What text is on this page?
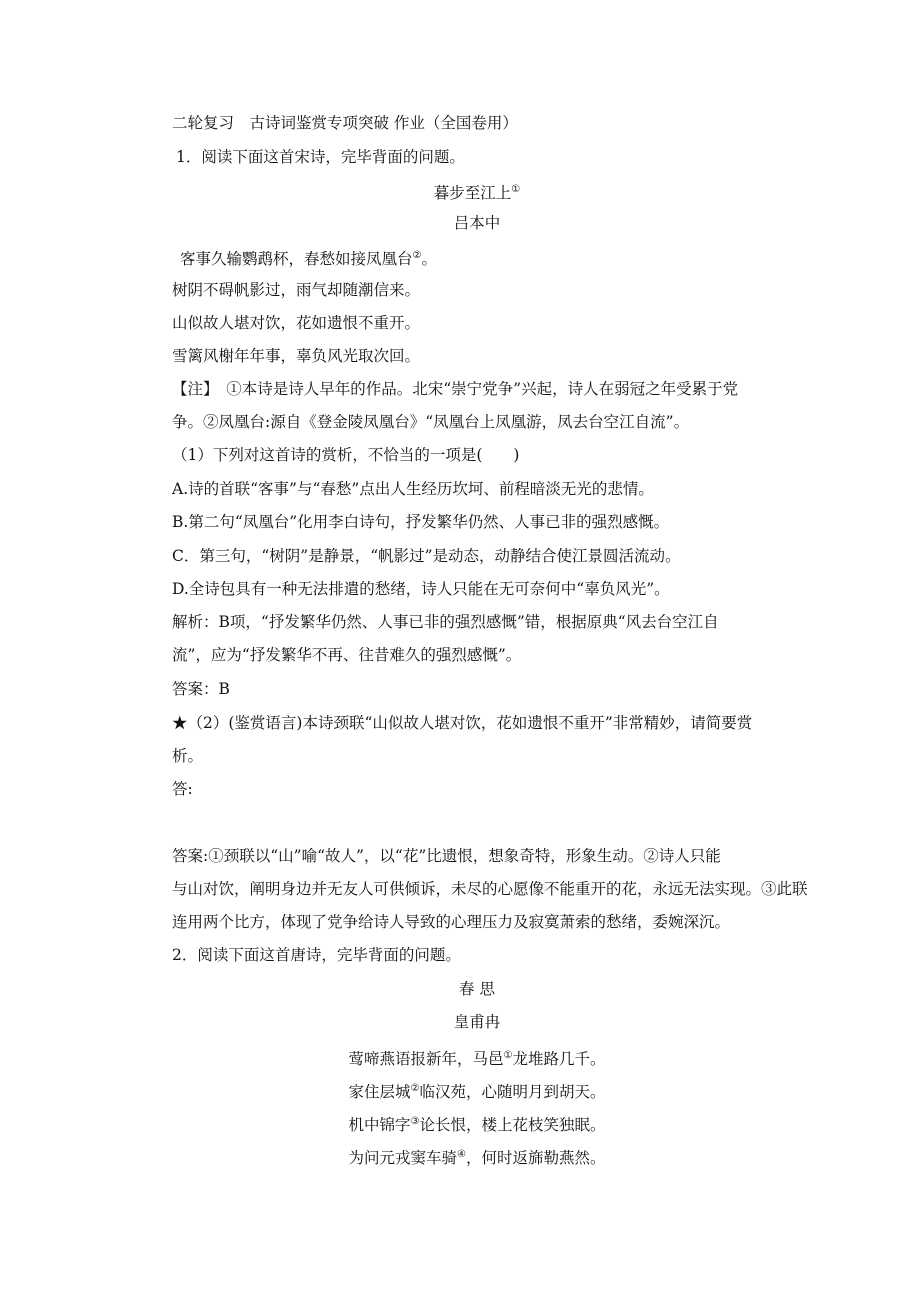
二轮复习　古诗词鉴赏专项突破 作业（全国卷用）
1．阅读下面这首宋诗，完毕背面的问题。
暮步至江上①
吕本中
客事久输鹦鹉杯，春愁如接凤凰台②。
树阴不碍帆影过，雨气却随潮信来。
山似故人堪对饮，花如遗恨不重开。
雪篱风榭年年事，辜负风光取次回。
【注】　①本诗是诗人早年的作品。北宋“崇宁党争”兴起，诗人在弱冠之年受累于党
争。②凤凰台:源自《登金陵凤凰台》“凤凰台上凤凰游，凤去台空江自流”。
（1）下列对这首诗的赏析，不恰当的一项是(　　)
A.诗的首联“客事”与“春愁”点出人生经历坎坷、前程暗淡无光的悲情。
B.第二句“凤凰台”化用李白诗句，抒发繁华仍然、人事已非的强烈感慨。
C．第三句，“树阴”是静景，“帆影过”是动态，动静结合使江景圆活流动。
D.全诗包具有一种无法排遣的愁绪，诗人只能在无可奈何中“辜负风光”。
解析：B项，“抒发繁华仍然、人事已非的强烈感慨”错，根据原典“风去台空江自
流”，应为“抒发繁华不再、往昔难久的强烈感慨”。
答案：B
★（2）(鉴赏语言)本诗颈联“山似故人堪对饮，花如遗恨不重开”非常精妙，请简要赏
析。
答:
答案:①颈联以“山”喻“故人”，以“花”比遗恨，想象奇特，形象生动。②诗人只能
与山对饮，阐明身边并无友人可供倾诉，未尽的心愿像不能重开的花，永远无法实现。③此联
连用两个比方，体现了党争给诗人导致的心理压力及寂寞萧索的愁绪，委婉深沉。
2．阅读下面这首唐诗，完毕背面的问题。
春 思
皇甫冉
莺啼燕语报新年，马邑①龙堆路几千。
家住层城②临汉苑，心随明月到胡天。
机中锦字③论长恨，楼上花枝笑独眠。
为问元戎窦车骑④，何时返旆勒燕然。
